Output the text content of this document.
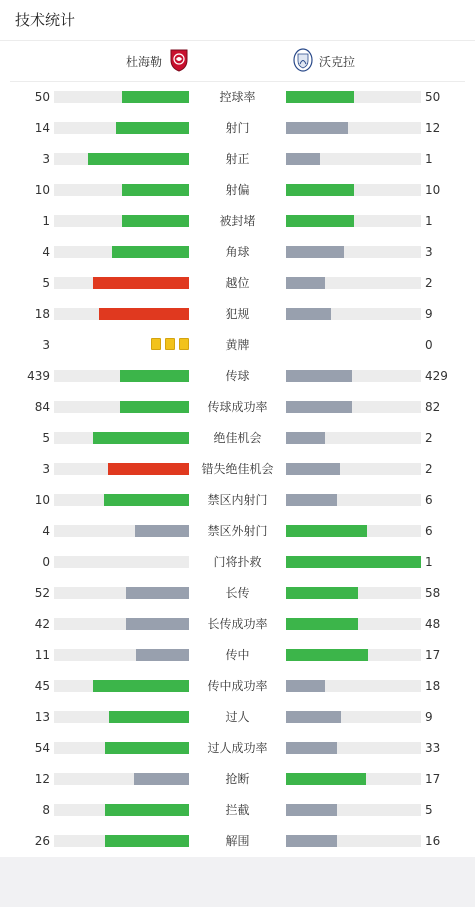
技术统计
杜海勒	沃克拉
50	控球率	50
14	射门	12
3	射正	1
10	射偏	10
1	被封堵	1
4	角球	3
5	越位	2
18	犯规	9
3	黄牌	0
439	传球	429
84	传球成功率	82
5	绝佳机会	2
3	错失绝佳机会	2
10	禁区内射门	6
4	禁区外射门	6
0	门将扑救	1
52	长传	58
42	长传成功率	48
11	传中	17
45	传中成功率	18
13	过人	9
54	过人成功率	33
12	抢断	17
8	拦截	5
26	解围	16
